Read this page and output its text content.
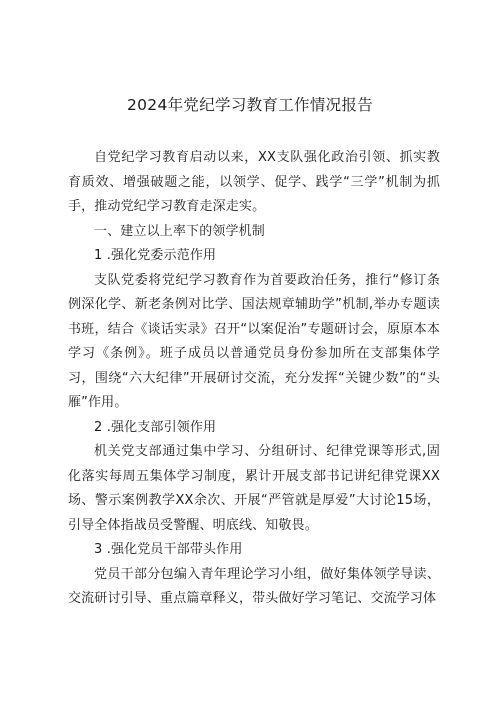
2024年党纪学习教育工作情况报告

自党纪学习教育启动以来，XX支队强化政治引领、抓实教育质效、增强破题之能，以领学、促学、践学“三学”机制为抓手，推动党纪学习教育走深走实。

一、建立以上率下的领学机制

1 .强化党委示范作用

支队党委将党纪学习教育作为首要政治任务，推行“修订条例深化学、新老条例对比学、国法规章辅助学”机制,举办专题读书班，结合《谈话实录》召开“以案促治”专题研讨会，原原本本学习《条例》。班子成员以普通党员身份参加所在支部集体学习，围绕“六大纪律”开展研讨交流，充分发挥“关键少数”的“头雁”作用。

2 .强化支部引领作用

机关党支部通过集中学习、分组研讨、纪律党课等形式,固化落实每周五集体学习制度，累计开展支部书记讲纪律党课XX场、警示案例教学XX余次、开展“严管就是厚爱”大讨论15场，引导全体指战员受警醒、明底线、知敬畏。

3 .强化党员干部带头作用

党员干部分包编入青年理论学习小组，做好集体领学导读、交流研讨引导、重点篇章释义，带头做好学习笔记、交流学习体
